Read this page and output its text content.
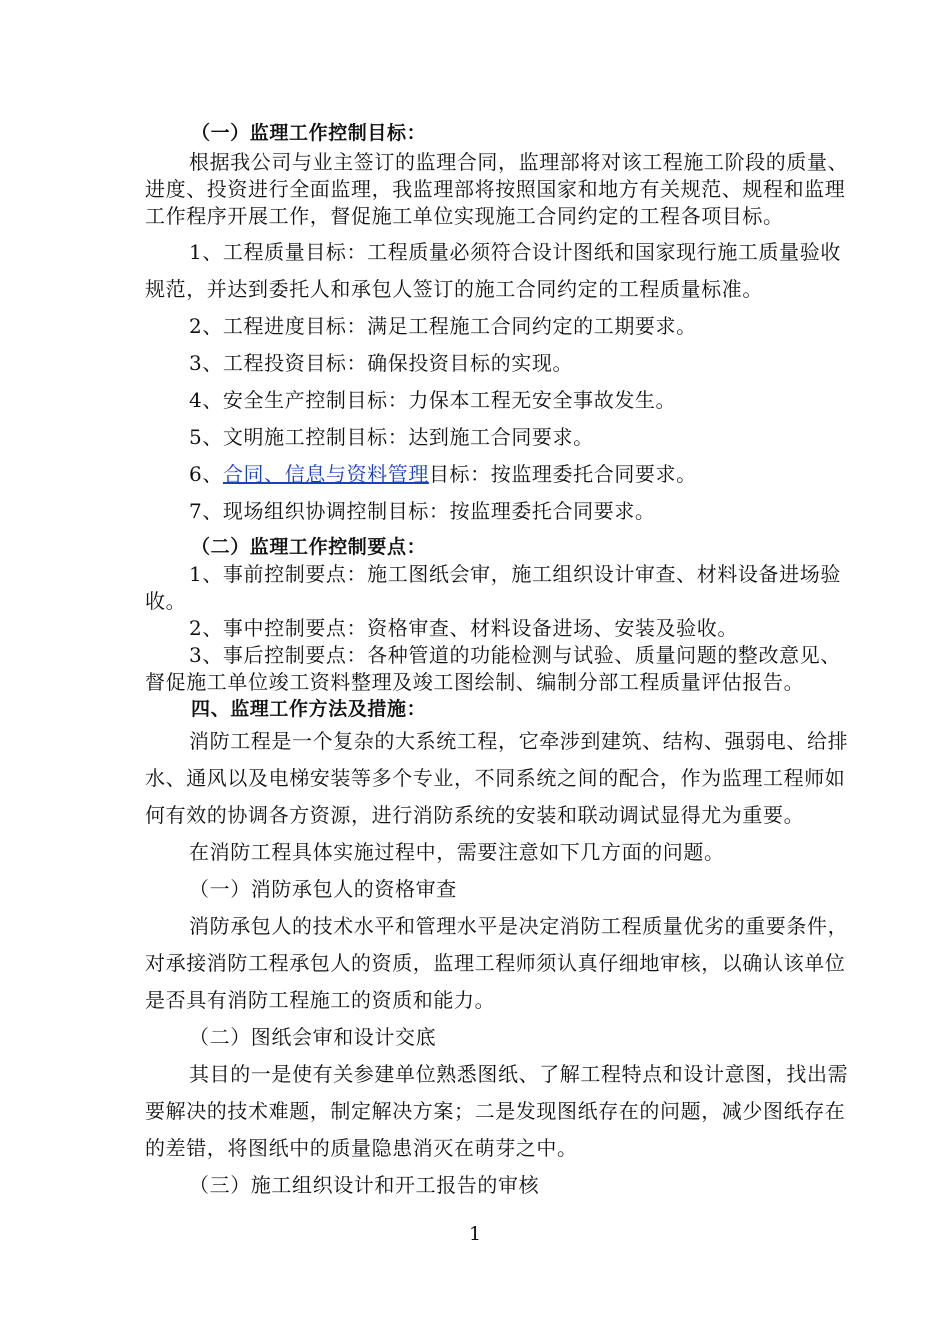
（一）监理工作控制目标：

根据我公司与业主签订的监理合同，监理部将对该工程施工阶段的质量、进度、投资进行全面监理，我监理部将按照国家和地方有关规范、规程和监理工作程序开展工作，督促施工单位实现施工合同约定的工程各项目标。

1、工程质量目标：工程质量必须符合设计图纸和国家现行施工质量验收规范，并达到委托人和承包人签订的施工合同约定的工程质量标准。

2、工程进度目标：满足工程施工合同约定的工期要求。

3、工程投资目标：确保投资目标的实现。

4、安全生产控制目标：力保本工程无安全事故发生。

5、文明施工控制目标：达到施工合同要求。

6、合同、信息与资料管理目标：按监理委托合同要求。

7、现场组织协调控制目标：按监理委托合同要求。

（二）监理工作控制要点：

1、事前控制要点：施工图纸会审，施工组织设计审查、材料设备进场验收。

2、事中控制要点：资格审查、材料设备进场、安装及验收。

3、事后控制要点：各种管道的功能检测与试验、质量问题的整改意见、督促施工单位竣工资料整理及竣工图绘制、编制分部工程质量评估报告。

四、监理工作方法及措施：

消防工程是一个复杂的大系统工程，它牵涉到建筑、结构、强弱电、给排水、通风以及电梯安装等多个专业，不同系统之间的配合，作为监理工程师如何有效的协调各方资源，进行消防系统的安装和联动调试显得尤为重要。

在消防工程具体实施过程中，需要注意如下几方面的问题。

（一）消防承包人的资格审查

消防承包人的技术水平和管理水平是决定消防工程质量优劣的重要条件，对承接消防工程承包人的资质，监理工程师须认真仔细地审核，以确认该单位是否具有消防工程施工的资质和能力。

（二）图纸会审和设计交底

其目的一是使有关参建单位熟悉图纸、了解工程特点和设计意图，找出需要解决的技术难题，制定解决方案；二是发现图纸存在的问题，减少图纸存在的差错，将图纸中的质量隐患消灭在萌芽之中。

（三）施工组织设计和开工报告的审核

1
